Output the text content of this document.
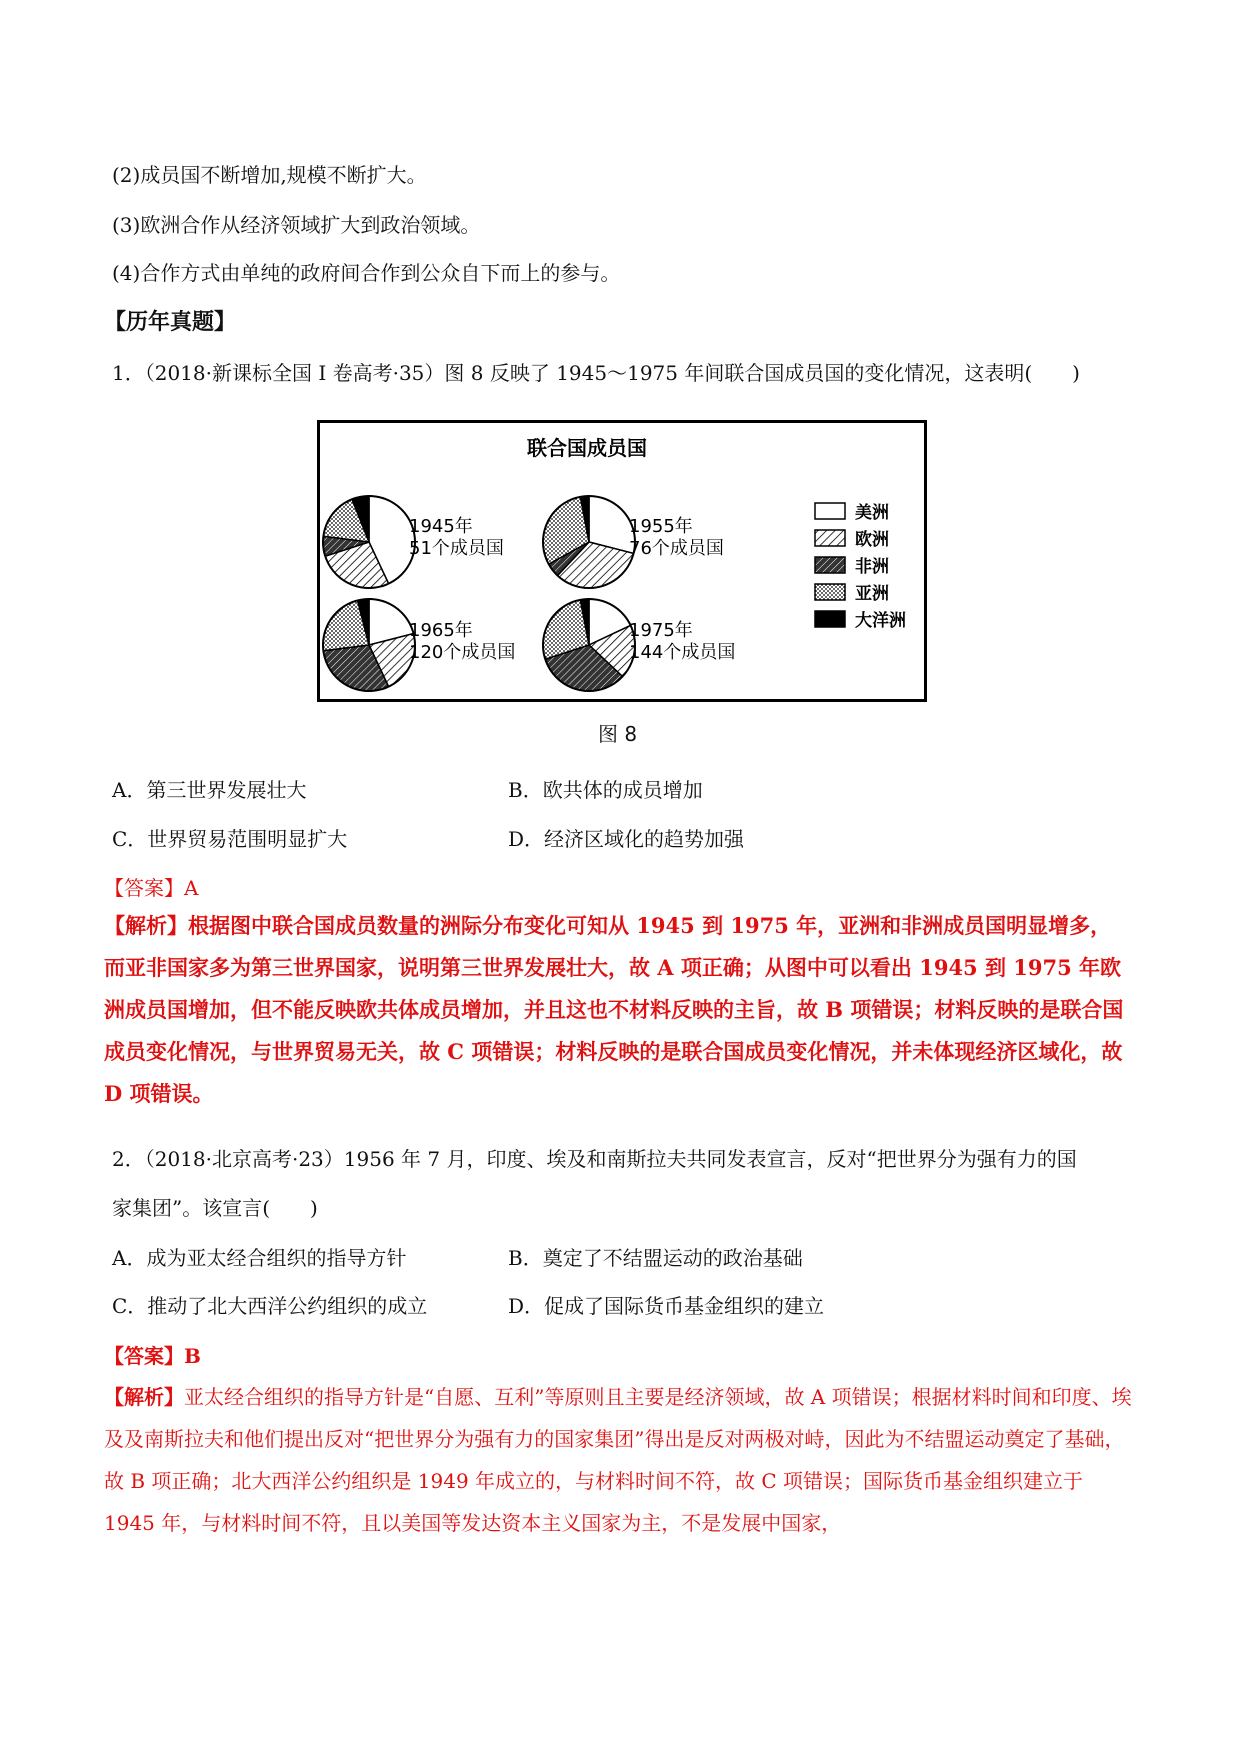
(2)成员国不断增加,规模不断扩大。
(3)欧洲合作从经济领域扩大到政治领域。
(4)合作方式由单纯的政府间合作到公众自下而上的参与。
【历年真题】
1．（2018·新课标全国 I 卷高考·35）图 8 反映了 1945～1975 年间联合国成员国的变化情况，这表明(　　)
联合国成员国
1945年
51个成员国
1955年
76个成员国
1965年
120个成员国
1975年
144个成员国
美洲
欧洲
非洲
亚洲
大洋洲
图 8
A．第三世界发展壮大	B．欧共体的成员增加
C．世界贸易范围明显扩大	D．经济区域化的趋势加强
【答案】A
【解析】根据图中联合国成员数量的洲际分布变化可知从 1945 到 1975 年，亚洲和非洲成员国明显增多，而亚非国家多为第三世界国家，说明第三世界发展壮大，故 A 项正确；从图中可以看出 1945 到 1975 年欧洲成员国增加，但不能反映欧共体成员增加，并且这也不材料反映的主旨，故 B 项错误；材料反映的是联合国成员变化情况，与世界贸易无关，故 C 项错误；材料反映的是联合国成员变化情况，并未体现经济区域化，故 D 项错误。
2．（2018·北京高考·23）1956 年 7 月，印度、埃及和南斯拉夫共同发表宣言，反对“把世界分为强有力的国
家集团”。该宣言(　　)
A．成为亚太经合组织的指导方针	B．奠定了不结盟运动的政治基础
C．推动了北大西洋公约组织的成立	D．促成了国际货币基金组织的建立
【答案】B
【解析】亚太经合组织的指导方针是“自愿、互利”等原则且主要是经济领域，故 A 项错误；根据材料时间和印度、埃及及南斯拉夫和他们提出反对“把世界分为强有力的国家集团”得出是反对两极对峙，因此为不结盟运动奠定了基础，故 B 项正确；北大西洋公约组织是 1949 年成立的，与材料时间不符，故 C 项错误；国际货币基金组织建立于 1945 年，与材料时间不符，且以美国等发达资本主义国家为主，不是发展中国家，
